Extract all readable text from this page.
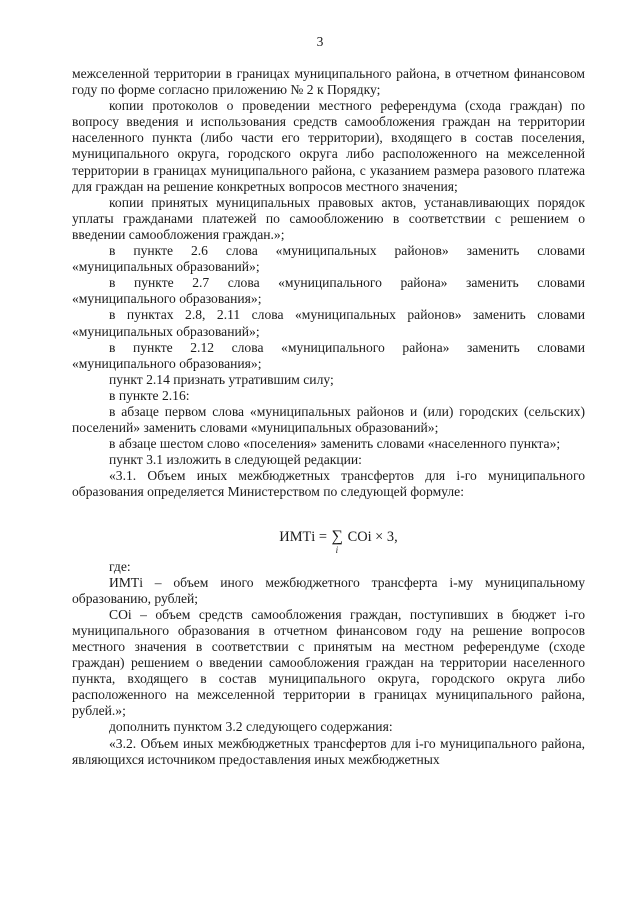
3

межселенной территории в границах муниципального района, в отчетном финансовом году по форме согласно приложению № 2 к Порядку;

копии протоколов о проведении местного референдума (схода граждан) по вопросу введения и использования средств самообложения граждан на территории населенного пункта (либо части его территории), входящего в состав поселения, муниципального округа, городского округа либо расположенного на межселенной территории в границах муниципального района, с указанием размера разового платежа для граждан на решение конкретных вопросов местного значения;

копии принятых муниципальных правовых актов, устанавливающих порядок уплаты гражданами платежей по самообложению в соответствии с решением о введении самообложения граждан.»;

в пункте 2.6 слова «муниципальных районов» заменить словами «муниципальных образований»;

в пункте 2.7 слова «муниципального района» заменить словами «муниципального образования»;

в пунктах 2.8, 2.11 слова «муниципальных районов» заменить словами «муниципальных образований»;

в пункте 2.12 слова «муниципального района» заменить словами «муниципального образования»;

пункт 2.14 признать утратившим силу;

в пункте 2.16:

в абзаце первом слова «муниципальных районов и (или) городских (сельских) поселений» заменить словами «муниципальных образований»;

в абзаце шестом слово «поселения» заменить словами «населенного пункта»;

пункт 3.1 изложить в следующей редакции:

«3.1. Объем иных межбюджетных трансфертов для i-го муниципального образования определяется Министерством по следующей формуле:

ИМТi = ∑
i
СОi × 3,

где:

ИМТi – объем иного межбюджетного трансферта i-му муниципальному образованию, рублей;

СОi – объем средств самообложения граждан, поступивших в бюджет i-го муниципального образования в отчетном финансовом году на решение вопросов местного значения в соответствии с принятым на местном референдуме (сходе граждан) решением о введении самообложения граждан на территории населенного пункта, входящего в состав муниципального округа, городского округа либо расположенного на межселенной территории в границах муниципального района, рублей.»;

дополнить пунктом 3.2 следующего содержания:

«3.2. Объем иных межбюджетных трансфертов для i-го муниципального района, являющихся источником предоставления иных межбюджетных
